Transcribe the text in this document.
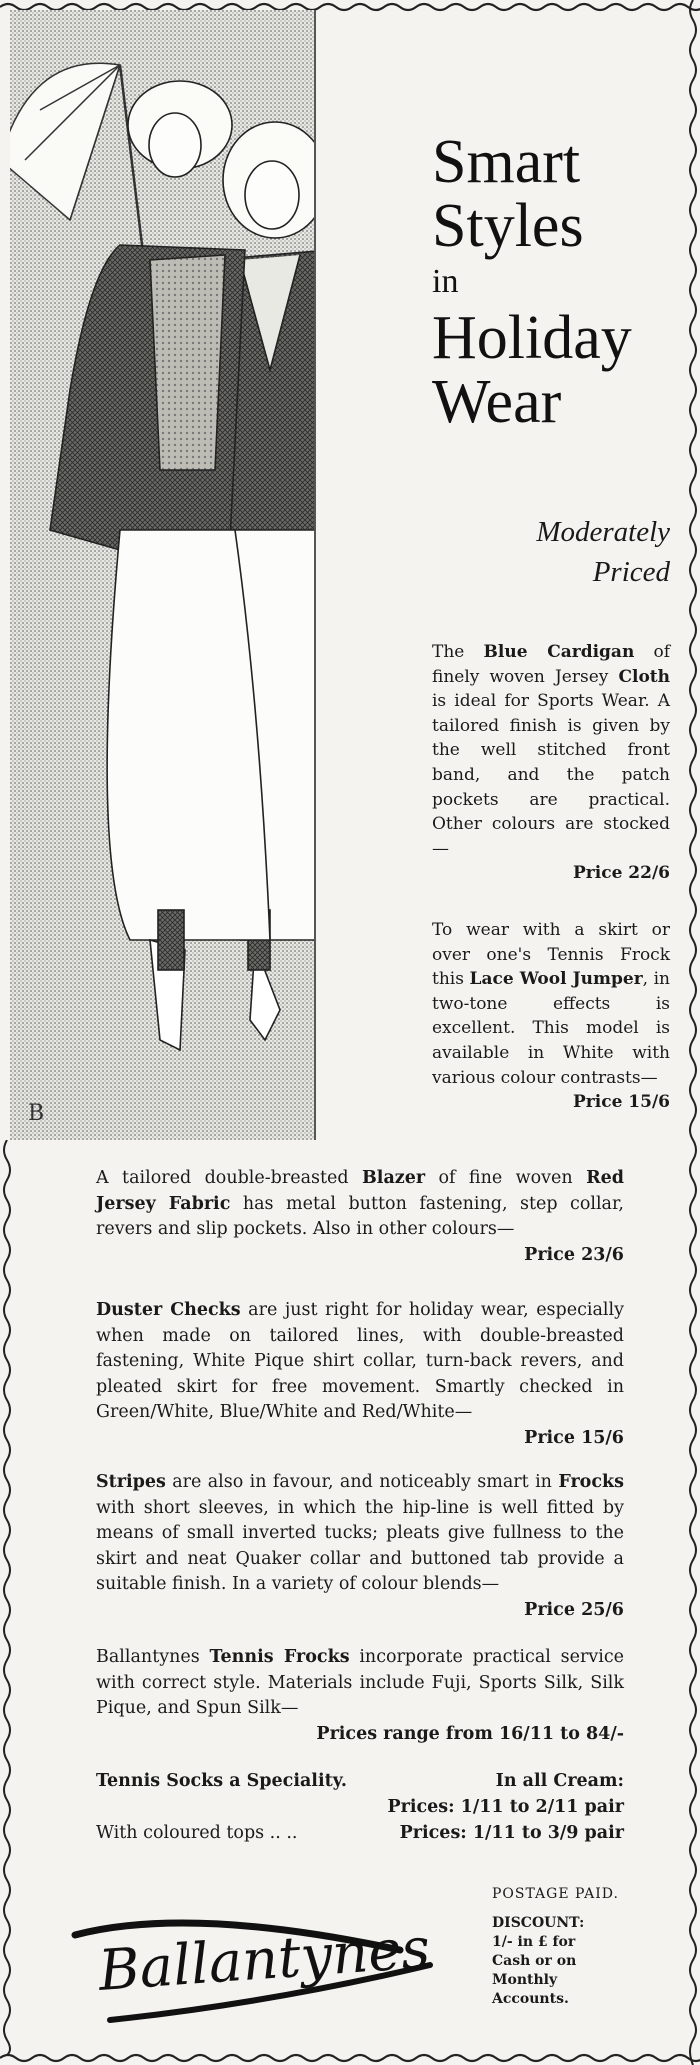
B
Smart
Styles
in
Holiday
Wear
Moderately
Priced
The Blue Cardigan of finely woven Jersey Cloth is ideal for Sports Wear. A tailored finish is given by the well stitched front band, and the patch pockets are practical. Other colours are stocked—
Price 22/6
To wear with a skirt or over one's Tennis Frock this Lace Wool Jumper, in two-tone effects is excellent. This model is available in White with various colour contrasts—
Price 15/6
A tailored double-breasted Blazer of fine woven Red Jersey Fabric has metal button fastening, step collar, revers and slip pockets. Also in other colours—
Price 23/6
Duster Checks are just right for holiday wear, especially when made on tailored lines, with double-breasted fastening, White Pique shirt collar, turn-back revers, and pleated skirt for free movement. Smartly checked in Green/White, Blue/White and Red/White—
Price 15/6
Stripes are also in favour, and noticeably smart in Frocks with short sleeves, in which the hip-line is well fitted by means of small inverted tucks; pleats give fullness to the skirt and neat Quaker collar and buttoned tab provide a suitable finish. In a variety of colour blends—
Price 25/6
Ballantynes Tennis Frocks incorporate practical service with correct style. Materials include Fuji, Sports Silk, Silk Pique, and Spun Silk—
Prices range from 16/11 to 84/-
Tennis Socks a Speciality.	In all Cream:
Prices: 1/11 to 2/11 pair
With coloured tops .. ..	Prices: 1/11 to 3/9 pair
Ballantynes
POSTAGE PAID.
DISCOUNT:
1/- in £ for
Cash or on
Monthly
Accounts.
